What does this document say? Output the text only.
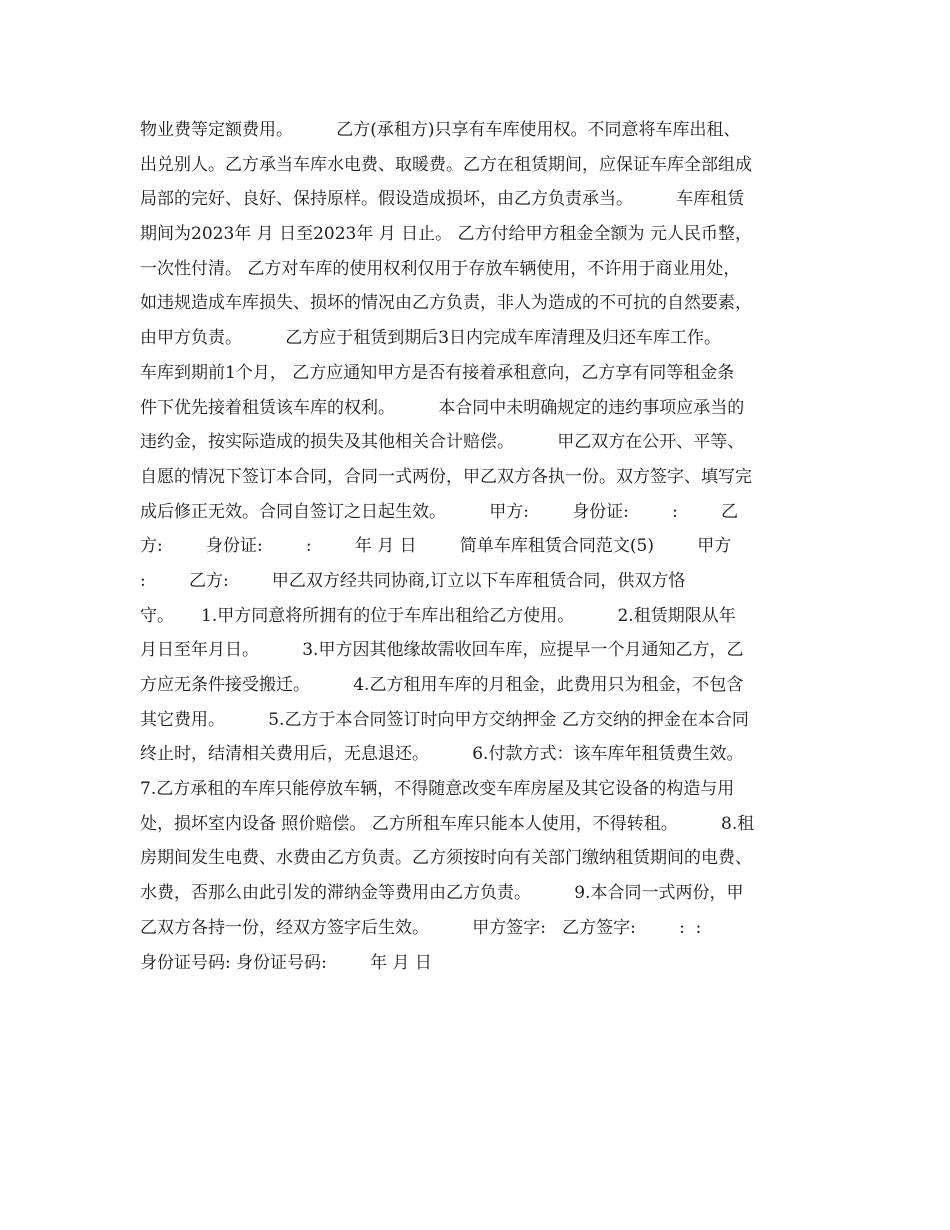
物业费等定额费用。        乙方(承租方)只享有车库使用权。不同意将车库出租、
出兑别人。乙方承当车库水电费、取暖费。乙方在租赁期间，应保证车库全部组成
局部的完好、良好、保持原样。假设造成损坏，由乙方负责承当。        车库租赁
期间为2023年 月 日至2023年 月 日止。 乙方付给甲方租金全额为 元人民币整，
一次性付清。 乙方对车库的使用权利仅用于存放车辆使用，不许用于商业用处，
如违规造成车库损失、损坏的情况由乙方负责，非人为造成的不可抗的自然要素，
由甲方负责。        乙方应于租赁到期后3日内完成车库清理及归还车库工作。
车库到期前1个月， 乙方应通知甲方是否有接着承租意向，乙方享有同等租金条
件下优先接着租赁该车库的权利。        本合同中未明确规定的违约事项应承当的
违约金，按实际造成的损失及其他相关合计赔偿。        甲乙双方在公开、平等、
自愿的情况下签订本合同，合同一式两份，甲乙双方各执一份。双方签字、填写完
成后修正无效。合同自签订之日起生效。        甲方:        身份证:        :        乙
方:        身份证:        :        年 月 日        简单车库租赁合同范文(5)        甲方
:        乙方:        甲乙双方经共同协商,订立以下车库租赁合同，供双方恪
守。     1.甲方同意将所拥有的位于车库出租给乙方使用。        2.租赁期限从年
月日至年月日。        3.甲方因其他缘故需收回车库，应提早一个月通知乙方，乙
方应无条件接受搬迁。        4.乙方租用车库的月租金，此费用只为租金，不包含
其它费用。        5.乙方于本合同签订时向甲方交纳押金 乙方交纳的押金在本合同
终止时，结清相关费用后，无息退还。        6.付款方式：该车库年租赁费生效。
7.乙方承租的车库只能停放车辆，不得随意改变车库房屋及其它设备的构造与用
处，损坏室内设备 照价赔偿。 乙方所租车库只能本人使用，不得转租。        8.租
房期间发生电费、水费由乙方负责。乙方须按时向有关部门缴纳租赁期间的电费、
水费，否那么由此引发的滞纳金等费用由乙方负责。        9.本合同一式两份，甲
乙双方各持一份，经双方签字后生效。        甲方签字:   乙方签字:        :  :
身份证号码: 身份证号码:        年 月 日
